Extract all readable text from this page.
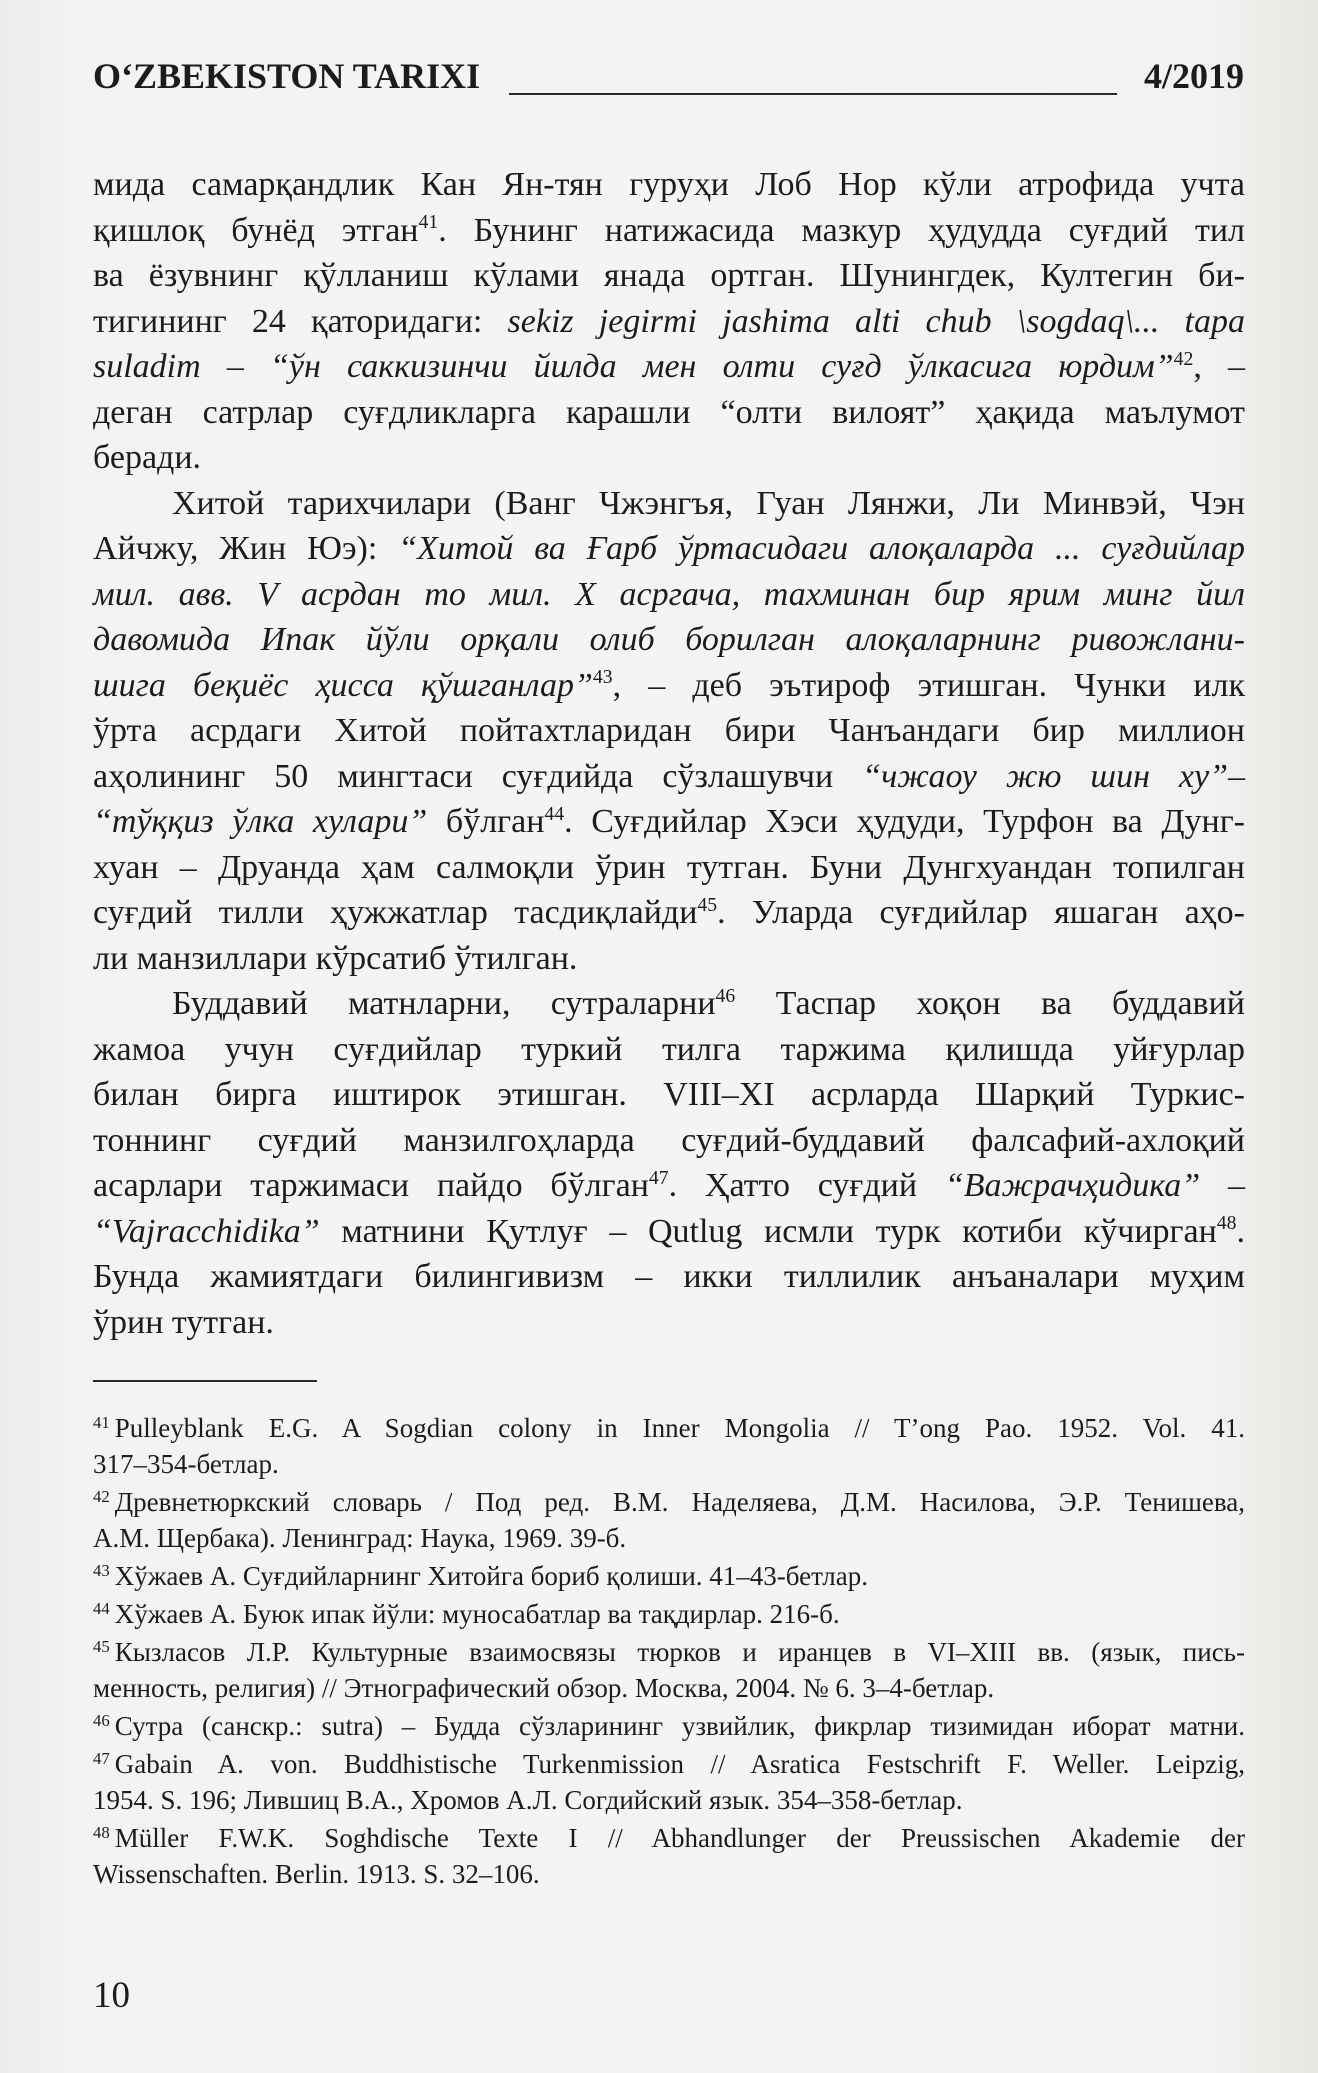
O‘ZBEKISTON TARIXI	4/2019
мида самарқандлик Кан Ян-тян гуруҳи Лоб Нор кўли атрофида учта
қишлоқ бунёд этган$^{41}$. Бунинг натижасида мазкур ҳудудда суғдий тил
ва ёзувнинг қўлланиш кўлами янада ортган. Шунингдек, Култегин би-
тигининг 24 қаторидаги: sekiz jegirmi jashima alti chub \sogdaq\... tapa
suladim – “ўн саккизинчи йилда мен олти суғд ўлкасига юрдим”$^{42}$, –
деган сатрлар суғдликларга карашли “олти вилоят” ҳақида маълумот
беради.
Хитой тарихчилари (Ванг Чжэнгъя, Гуан Лянжи, Ли Минвэй, Чэн
Айчжу, Жин Юэ): “Хитой ва Ғарб ўртасидаги алоқаларда ... суғдийлар
мил. авв. V асрдан то мил. X асргача, тахминан бир ярим минг йил
давомида Ипак йўли орқали олиб борилган алоқаларнинг ривожлани-
шига беқиёс ҳисса қўшганлар”$^{43}$, – деб эътироф этишган. Чунки илк
ўрта асрдаги Хитой пойтахтларидан бири Чанъандаги бир миллион
аҳолининг 50 мингтаси суғдийда сўзлашувчи “чжаоу жю шин ху”–
“тўққиз ўлка хулари” бўлган$^{44}$. Суғдийлар Хэси ҳудуди, Турфон ва Дунг-
хуан – Друанда ҳам салмоқли ўрин тутган. Буни Дунгхуандан топилган
суғдий тилли ҳужжатлар тасдиқлайди$^{45}$. Уларда суғдийлар яшаган аҳо-
ли манзиллари кўрсатиб ўтилган.
Буддавий матнларни, сутраларни$^{46}$ Таспар хоқон ва буддавий
жамоа учун суғдийлар туркий тилга таржима қилишда уйғурлар
билан бирга иштирок этишган. VIII–XI асрларда Шарқий Туркис-
тоннинг суғдий манзилгоҳларда суғдий-буддавий фалсафий-ахлоқий
асарлари таржимаси пайдо бўлган$^{47}$. Ҳатто суғдий “Важрачҳидика” –
“Vajracchidika” матнини Қутлуғ – Qutlug исмли турк котиби кўчирган$^{48}$.
Бунда жамиятдаги билингивизм – икки тиллилик анъаналари муҳим
ўрин тутган.
$^{41}$ Pulleyblank E.G. A Sogdian colony in Inner Mongolia // T’ong Pao. 1952. Vol. 41.
317–354-бетлар.
$^{42}$ Древнетюркский словарь / Под ред. В.М. Наделяева, Д.М. Насилова, Э.Р. Тенишева,
А.М. Щербака). Ленинград: Наука, 1969. 39-б.
$^{43}$ Хўжаев А. Суғдийларнинг Хитойга бориб қолиши. 41–43-бетлар.
$^{44}$ Хўжаев А. Буюк ипак йўли: муносабатлар ва тақдирлар. 216-б.
$^{45}$ Кызласов Л.Р. Культурные взаимосвязы тюрков и иранцев в VI–XIII вв. (язык, пись-
менность, религия) // Этнографический обзор. Москва, 2004. № 6. 3–4-бетлар.
$^{46}$ Сутра (санскр.: sutra) – Будда сўзларининг узвийлик, фикрлар тизимидан иборат матни.
$^{47}$ Gabain A. von. Buddhistische Turkenmission // Asratica Festschrift F. Weller. Leipzig,
1954. S. 196; Лившиц В.А., Хромов А.Л. Согдийский язык. 354–358-бетлар.
$^{48}$ Müller F.W.K. Soghdische Texte I // Abhandlunger der Preussischen Akademie der
Wissenschaften. Berlin. 1913. S. 32–106.
10
